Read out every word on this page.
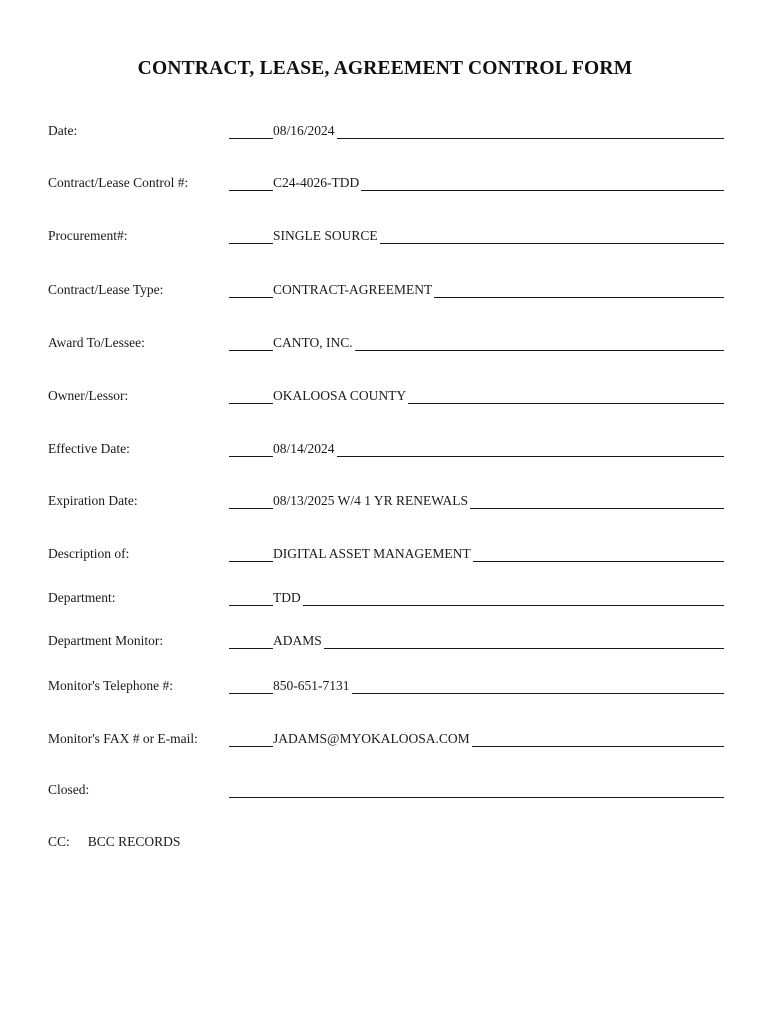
CONTRACT, LEASE, AGREEMENT CONTROL FORM
Date:	08/16/2024
Contract/Lease Control #:	C24-4026-TDD
Procurement#:	SINGLE SOURCE
Contract/Lease Type:	CONTRACT-AGREEMENT
Award To/Lessee:	CANTO, INC.
Owner/Lessor:	OKALOOSA COUNTY
Effective Date:	08/14/2024
Expiration Date:	08/13/2025 W/4 1 YR RENEWALS
Description of:	DIGITAL ASSET MANAGEMENT
Department:	TDD
Department Monitor:	ADAMS
Monitor's Telephone #:	850-651-7131
Monitor's FAX # or E-mail:	JADAMS@MYOKALOOSA.COM
Closed:
CC: BCC RECORDS
